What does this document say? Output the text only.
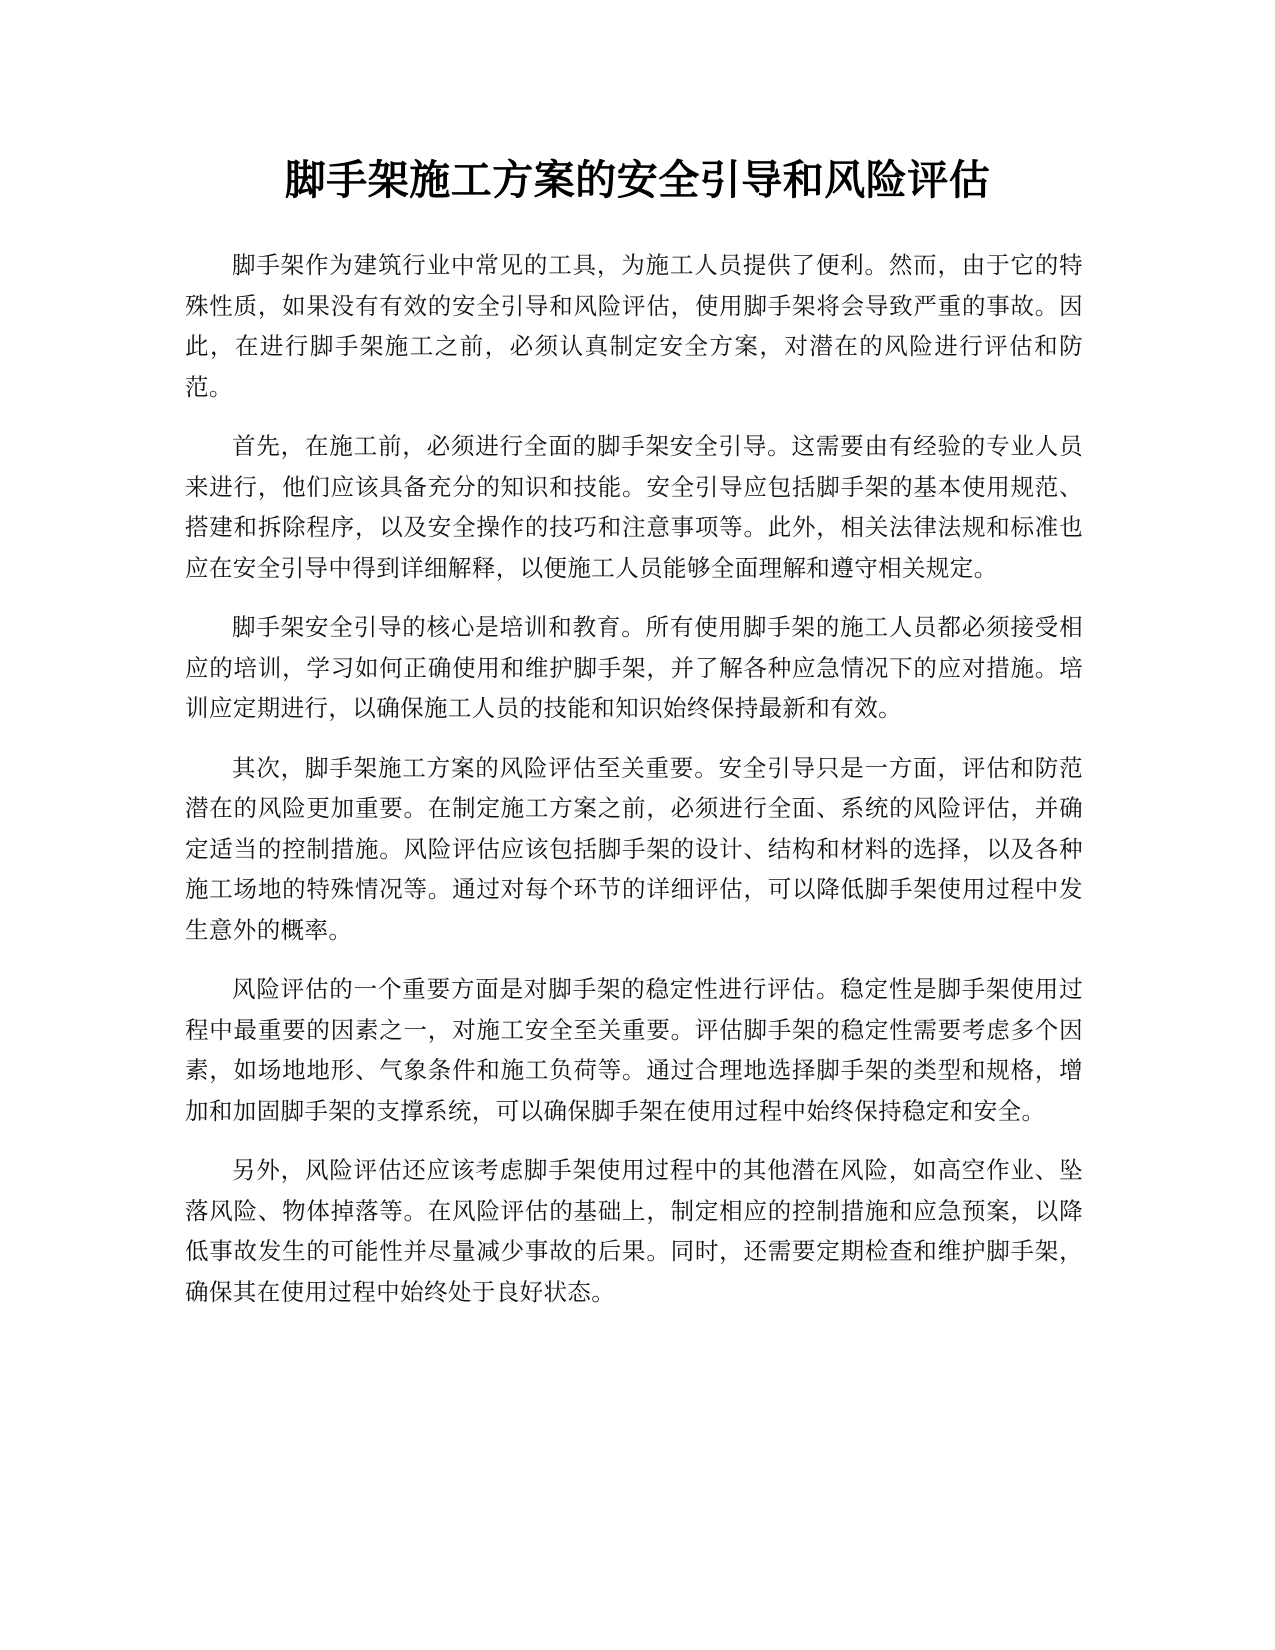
脚手架施工方案的安全引导和风险评估

脚手架作为建筑行业中常见的工具，为施工人员提供了便利。然而，由于它的特殊性质，如果没有有效的安全引导和风险评估，使用脚手架将会导致严重的事故。因此，在进行脚手架施工之前，必须认真制定安全方案，对潜在的风险进行评估和防范。

首先，在施工前，必须进行全面的脚手架安全引导。这需要由有经验的专业人员来进行，他们应该具备充分的知识和技能。安全引导应包括脚手架的基本使用规范、搭建和拆除程序，以及安全操作的技巧和注意事项等。此外，相关法律法规和标准也应在安全引导中得到详细解释，以便施工人员能够全面理解和遵守相关规定。

脚手架安全引导的核心是培训和教育。所有使用脚手架的施工人员都必须接受相应的培训，学习如何正确使用和维护脚手架，并了解各种应急情况下的应对措施。培训应定期进行，以确保施工人员的技能和知识始终保持最新和有效。

其次，脚手架施工方案的风险评估至关重要。安全引导只是一方面，评估和防范潜在的风险更加重要。在制定施工方案之前，必须进行全面、系统的风险评估，并确定适当的控制措施。风险评估应该包括脚手架的设计、结构和材料的选择，以及各种施工场地的特殊情况等。通过对每个环节的详细评估，可以降低脚手架使用过程中发生意外的概率。

风险评估的一个重要方面是对脚手架的稳定性进行评估。稳定性是脚手架使用过程中最重要的因素之一，对施工安全至关重要。评估脚手架的稳定性需要考虑多个因素，如场地地形、气象条件和施工负荷等。通过合理地选择脚手架的类型和规格，增加和加固脚手架的支撑系统，可以确保脚手架在使用过程中始终保持稳定和安全。

另外，风险评估还应该考虑脚手架使用过程中的其他潜在风险，如高空作业、坠落风险、物体掉落等。在风险评估的基础上，制定相应的控制措施和应急预案，以降低事故发生的可能性并尽量减少事故的后果。同时，还需要定期检查和维护脚手架，确保其在使用过程中始终处于良好状态。
